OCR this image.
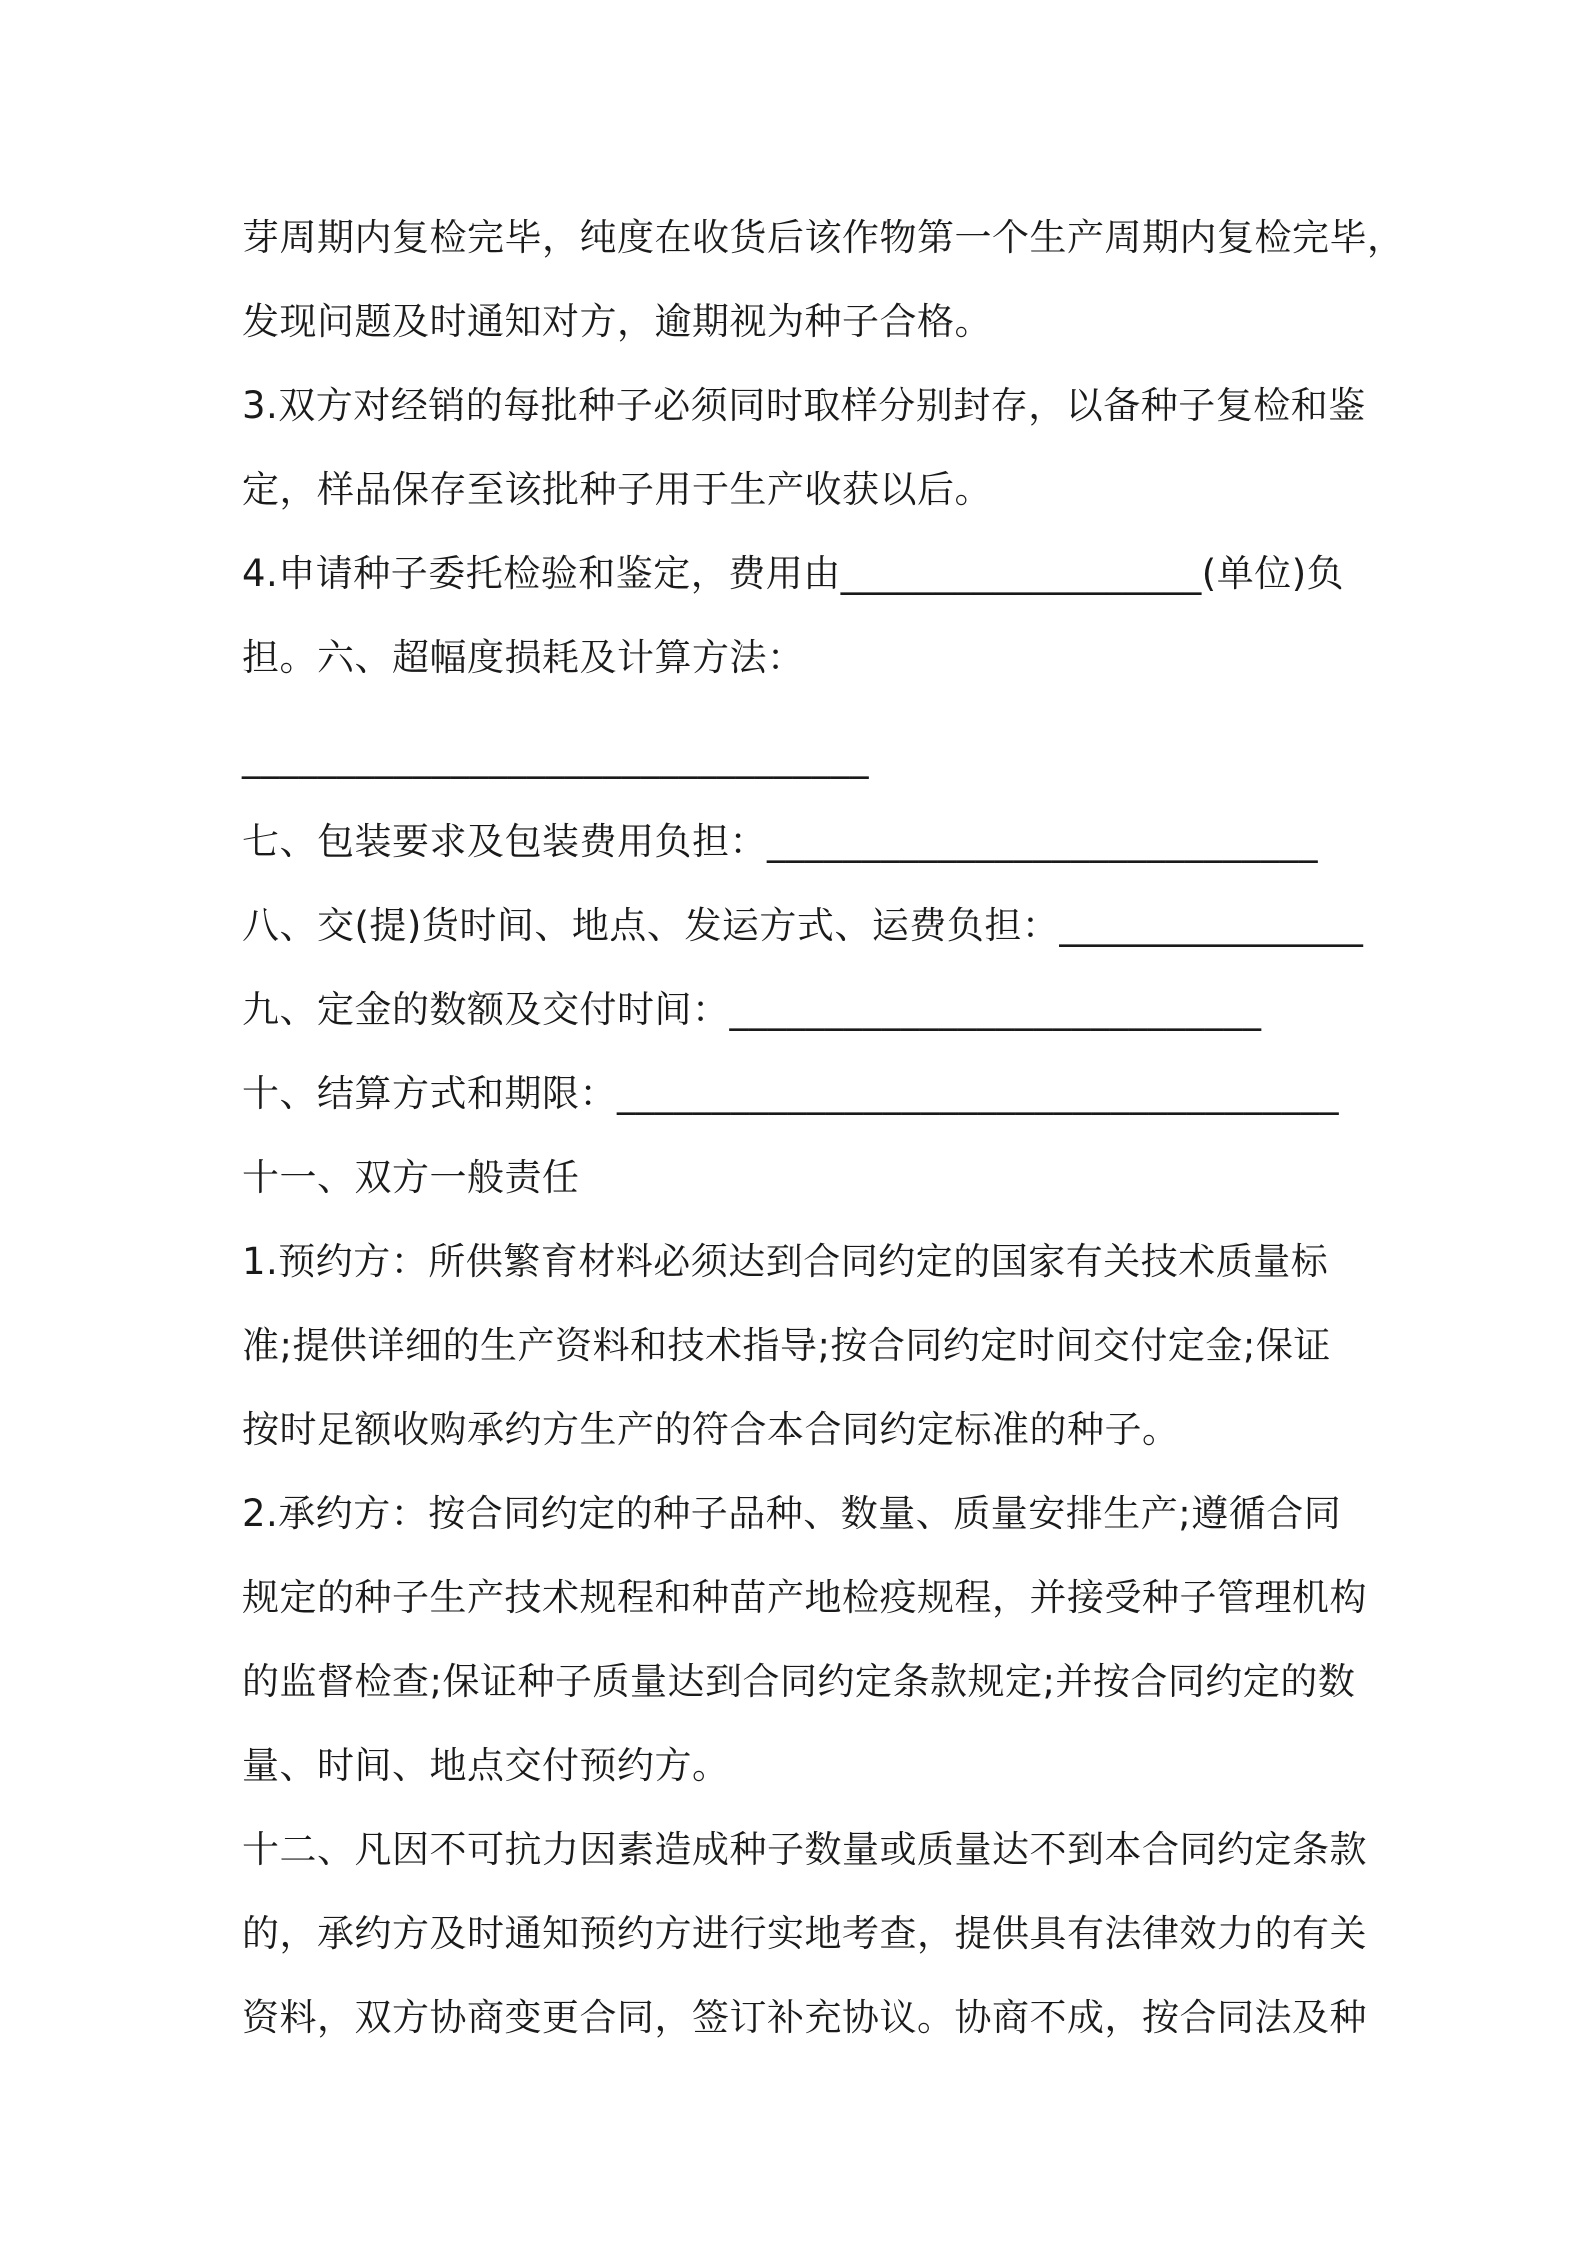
芽周期内复检完毕，纯度在收货后该作物第一个生产周期内复检完毕，
发现问题及时通知对方，逾期视为种子合格。
3.双方对经销的每批种子必须同时取样分别封存，以备种子复检和鉴
定，样品保存至该批种子用于生产收获以后。
4.申请种子委托检验和鉴定，费用由___________________(单位)负
担。六、超幅度损耗及计算方法：
_________________________________
七、包装要求及包装费用负担：_____________________________
八、交(提)货时间、地点、发运方式、运费负担：________________
九、定金的数额及交付时间：____________________________
十、结算方式和期限：______________________________________
十一、双方一般责任
1.预约方：所供繁育材料必须达到合同约定的国家有关技术质量标
准;提供详细的生产资料和技术指导;按合同约定时间交付定金;保证
按时足额收购承约方生产的符合本合同约定标准的种子。
2.承约方：按合同约定的种子品种、数量、质量安排生产;遵循合同
规定的种子生产技术规程和种苗产地检疫规程，并接受种子管理机构
的监督检查;保证种子质量达到合同约定条款规定;并按合同约定的数
量、时间、地点交付预约方。
十二、凡因不可抗力因素造成种子数量或质量达不到本合同约定条款
的，承约方及时通知预约方进行实地考查，提供具有法律效力的有关
资料，双方协商变更合同，签订补充协议。协商不成，按合同法及种
